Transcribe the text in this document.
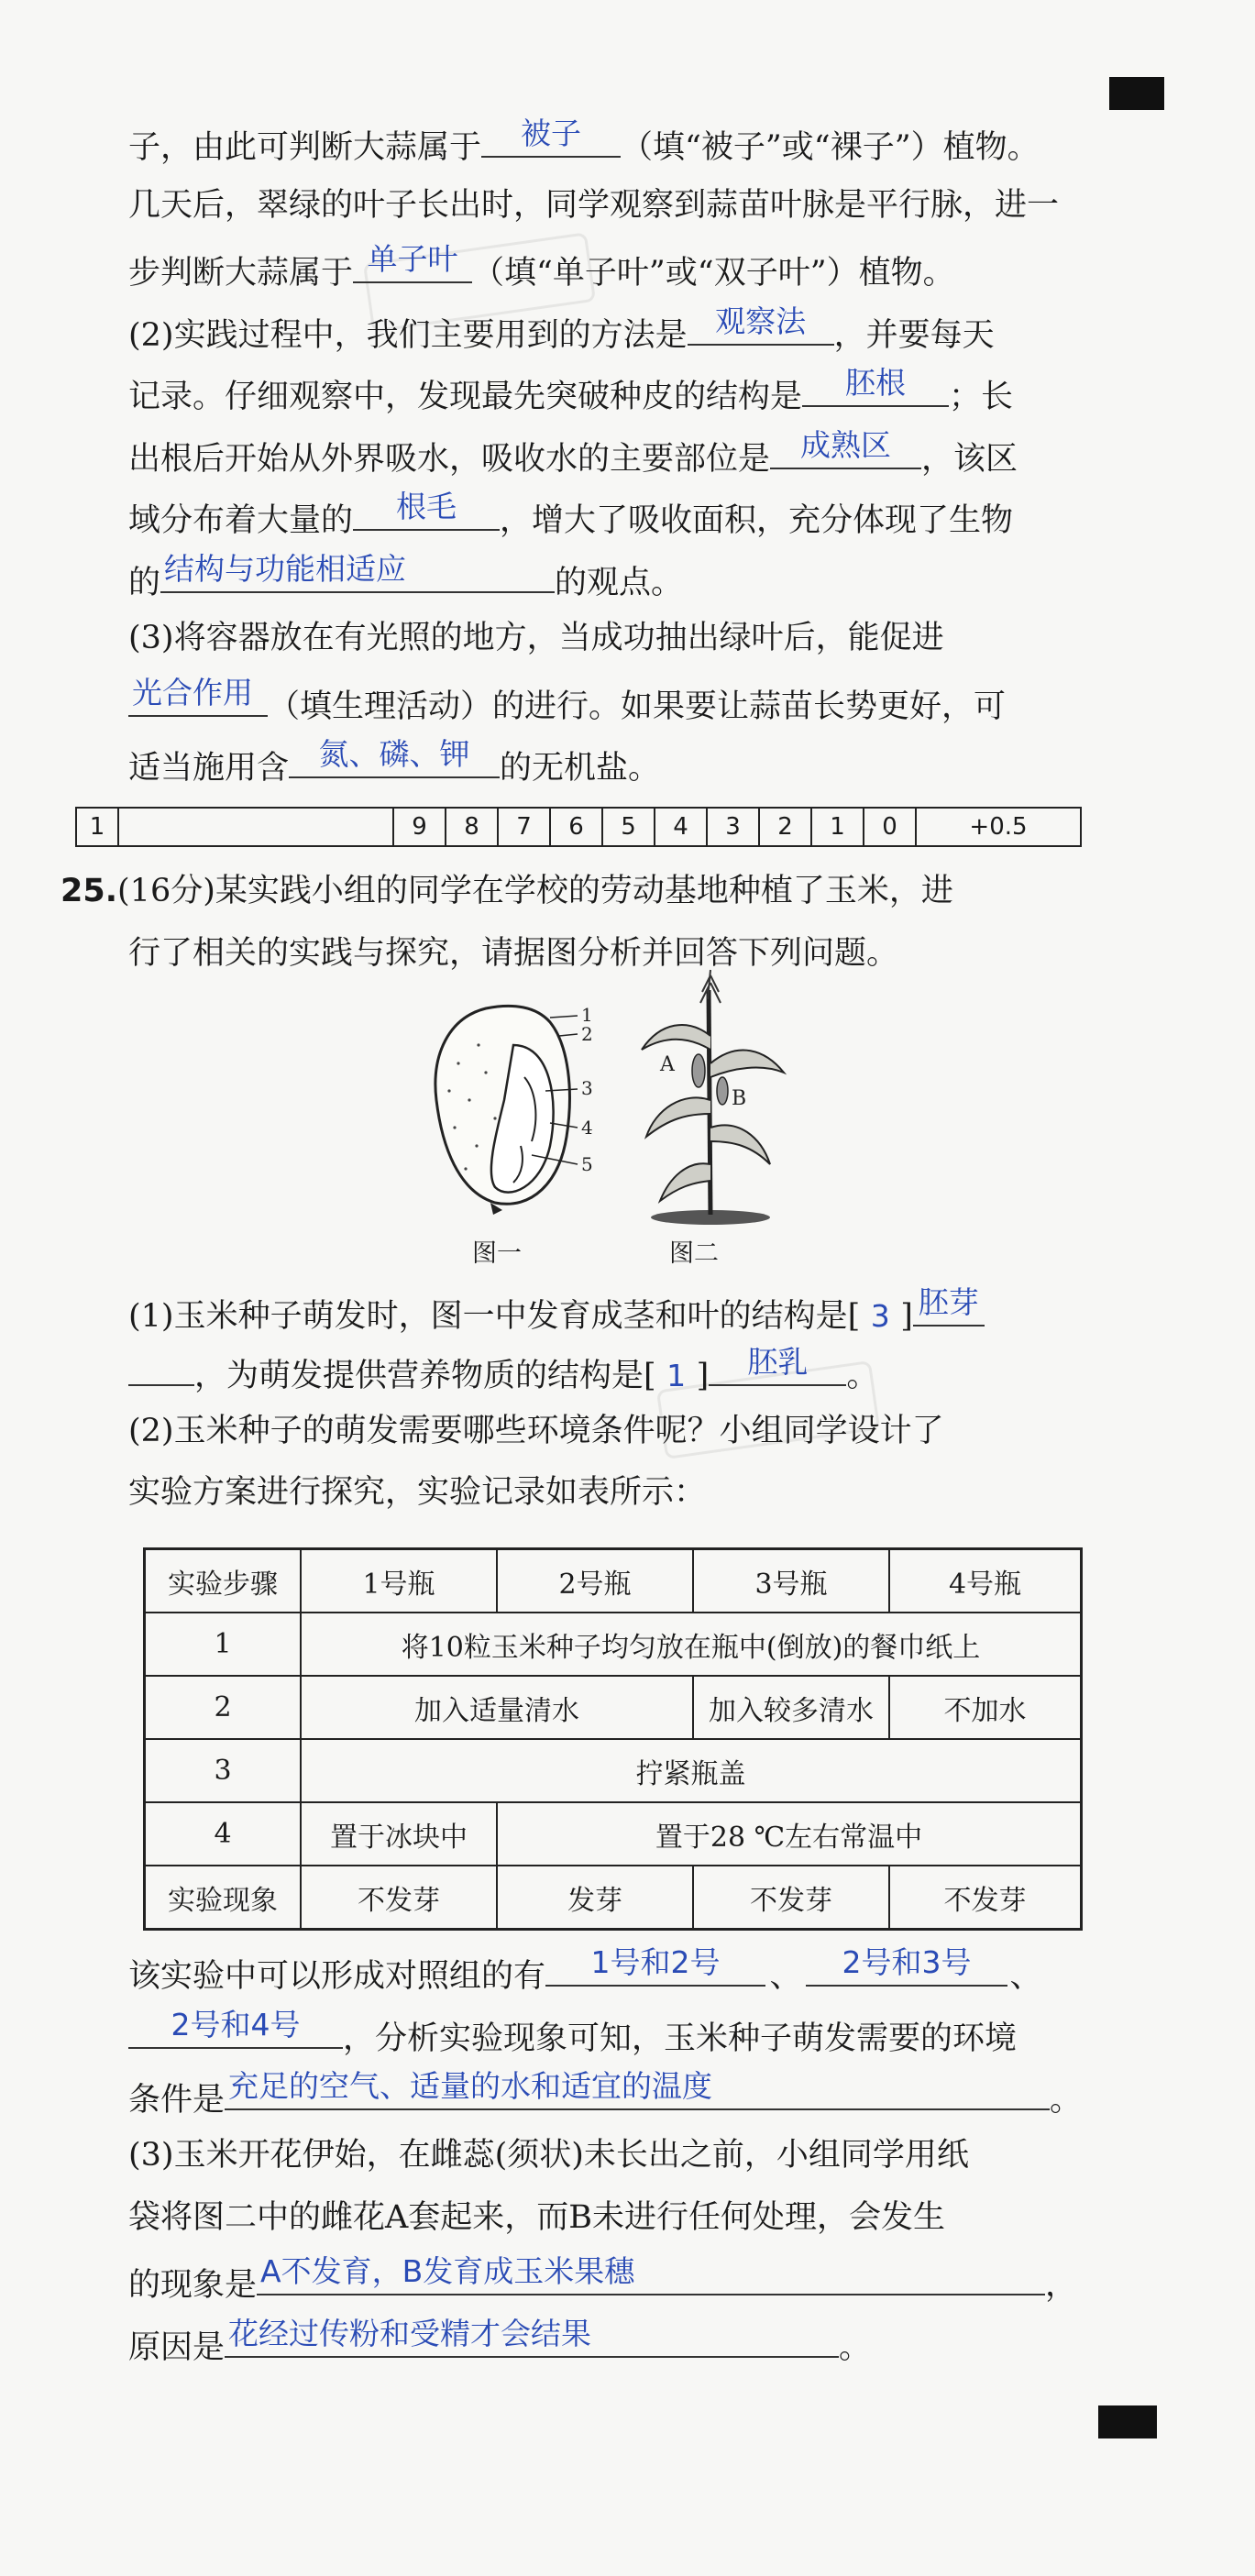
子，由此可判断大蒜属于	被子	（填“被子”或“裸子”）植物。
几天后，翠绿的叶子长出时，同学观察到蒜苗叶脉是平行脉，进一
步判断大蒜属于 单子叶 （填“单子叶”或“双子叶”）植物。
(2)实践过程中，我们主要用到的方法是 观察法 ，并要每天
记录。仔细观察中，发现最先突破种皮的结构是	胚根	；长
出根后开始从外界吸水，吸收水的主要部位是	成熟区 ，该区
域分布着大量的	根毛	，增大了吸收面积，充分体现了生物
的 结构与功能相适应	的观点。
(3)将容器放在有光照的地方，当成功抽出绿叶后，能促进
光合作用 （填生理活动）的进行。如果要让蒜苗长势更好，可
适当施用含 氮、磷、钾 的无机盐。
1	9	8	7	6	5	4	3	2	1	0	+0.5
25.(16分)某实践小组的同学在学校的劳动基地种植了玉米，进
行了相关的实践与探究，请据图分析并回答下列问题。
1
2
3
4
5
A
B
图一	图二
(1)玉米种子萌发时，图一中发育成茎和叶的结构是[ 3 ] 胚芽
，为萌发提供营养物质的结构是[ 1 ]	胚乳	。
(2)玉米种子的萌发需要哪些环境条件呢？小组同学设计了
实验方案进行探究，实验记录如表所示：
实验步骤	1号瓶	2号瓶	3号瓶	4号瓶
1	将10粒玉米种子均匀放在瓶中(倒放)的餐巾纸上			
2	加入适量清水		加入较多清水	不加水
3	拧紧瓶盖			
4	置于冰块中	置于28 ℃左右常温中		
实验现象	不发芽	发芽	不发芽	不发芽
该实验中可以形成对照组的有	1号和2号	、	2号和3号	、
2号和4号	，分析实验现象可知，玉米种子萌发需要的环境
条件是 充足的空气、适量的水和适宜的温度	。
(3)玉米开花伊始，在雌蕊(须状)未长出之前，小组同学用纸
袋将图二中的雌花A套起来，而B未进行任何处理，会发生
的现象是 A不发育，B发育成玉米果穗	，
原因是 花经过传粉和受精才会结果	。
